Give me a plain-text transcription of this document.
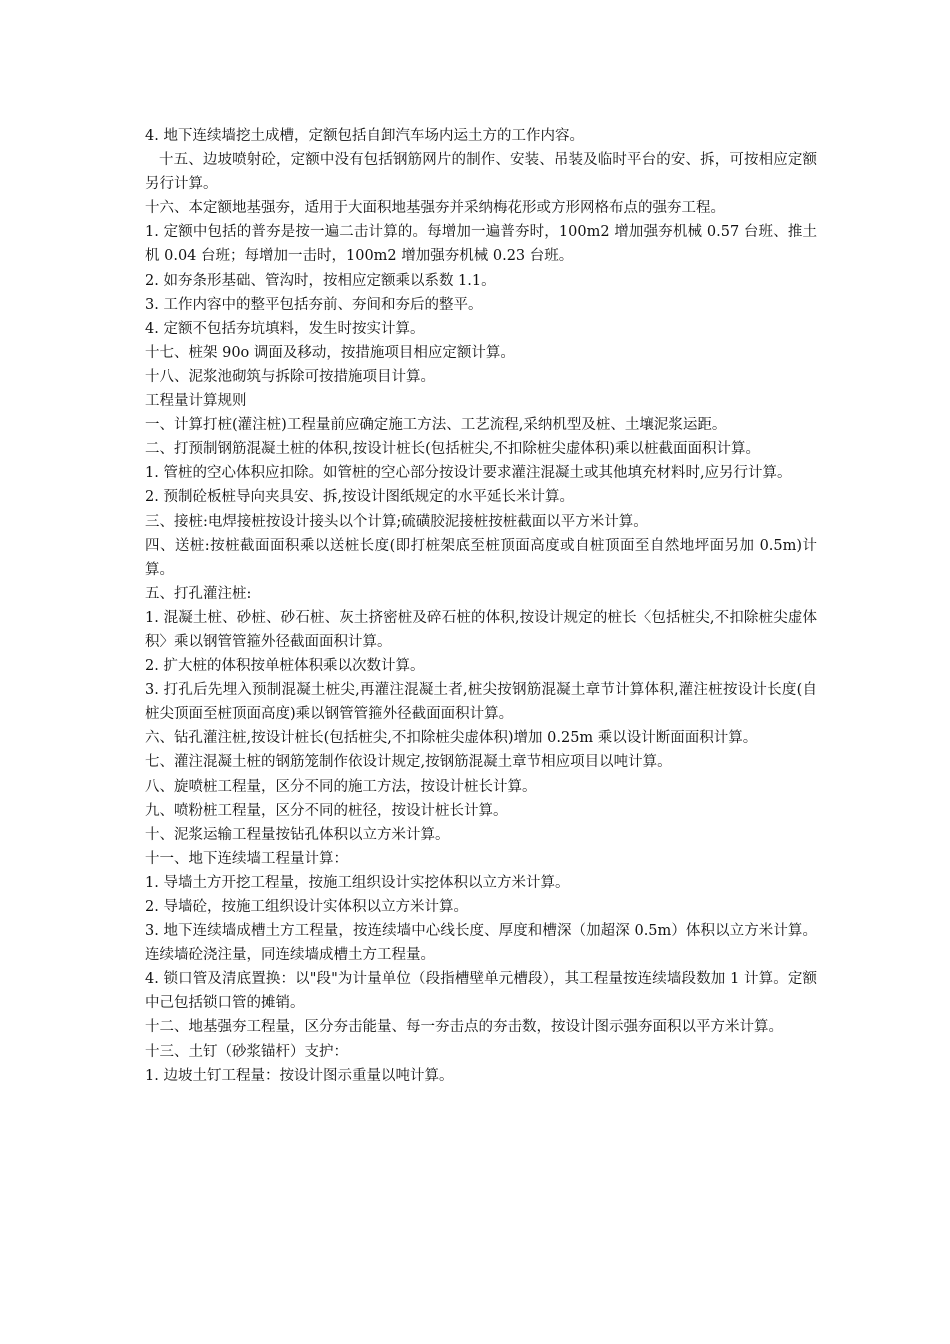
4. 地下连续墙挖土成槽，定额包括自卸汽车场内运土方的工作内容。

十五、边坡喷射砼，定额中没有包括钢筋网片的制作、安装、吊装及临时平台的安、拆，可按相应定额另行计算。

十六、本定额地基强夯，适用于大面积地基强夯并采纳梅花形或方形网格布点的强夯工程。

1. 定额中包括的普夯是按一遍二击计算的。每增加一遍普夯时，100m2 增加强夯机械 0.57 台班、推土机 0.04 台班；每增加一击时，100m2 增加强夯机械 0.23 台班。

2. 如夯条形基础、管沟时，按相应定额乘以系数 1.1。

3. 工作内容中的整平包括夯前、夯间和夯后的整平。

4. 定额不包括夯坑填料，发生时按实计算。

十七、桩架 90o 调面及移动，按措施项目相应定额计算。

十八、泥浆池砌筑与拆除可按措施项目计算。

工程量计算规则

一、计算打桩(灌注桩)工程量前应确定施工方法、工艺流程,采纳机型及桩、土壤泥浆运距。

二、打预制钢筋混凝土桩的体积,按设计桩长(包括桩尖,不扣除桩尖虚体积)乘以桩截面面积计算。

1. 管桩的空心体积应扣除。如管桩的空心部分按设计要求灌注混凝土或其他填充材料时,应另行计算。

2. 预制砼板桩导向夹具安、拆,按设计图纸规定的水平延长米计算。

三、接桩:电焊接桩按设计接头以个计算;硫磺胶泥接桩按桩截面以平方米计算。

四、送桩:按桩截面面积乘以送桩长度(即打桩架底至桩顶面高度或自桩顶面至自然地坪面另加 0.5m)计算。

五、打孔灌注桩:

1. 混凝土桩、砂桩、砂石桩、灰土挤密桩及碎石桩的体积,按设计规定的桩长〈包括桩尖,不扣除桩尖虚体积〉乘以钢管管箍外径截面面积计算。

2. 扩大桩的体积按单桩体积乘以次数计算。

3. 打孔后先埋入预制混凝土桩尖,再灌注混凝土者,桩尖按钢筋混凝土章节计算体积,灌注桩按设计长度(自桩尖顶面至桩顶面高度)乘以钢管管箍外径截面面积计算。

六、钻孔灌注桩,按设计桩长(包括桩尖,不扣除桩尖虚体积)增加 0.25m 乘以设计断面面积计算。

七、灌注混凝土桩的钢筋笼制作依设计规定,按钢筋混凝土章节相应项目以吨计算。

八、旋喷桩工程量，区分不同的施工方法，按设计桩长计算。

九、喷粉桩工程量，区分不同的桩径，按设计桩长计算。

十、泥浆运输工程量按钻孔体积以立方米计算。

十一、地下连续墙工程量计算：

1. 导墙土方开挖工程量，按施工组织设计实挖体积以立方米计算。

2. 导墙砼，按施工组织设计实体积以立方米计算。

3. 地下连续墙成槽土方工程量，按连续墙中心线长度、厚度和槽深（加超深 0.5m）体积以立方米计算。连续墙砼浇注量，同连续墙成槽土方工程量。

4. 锁口管及清底置换：以"段"为计量单位（段指槽壁单元槽段），其工程量按连续墙段数加 1 计算。定额中己包括锁口管的摊销。

十二、地基强夯工程量，区分夯击能量、每一夯击点的夯击数，按设计图示强夯面积以平方米计算。

十三、土钉（砂浆锚杆）支护：

1. 边坡土钉工程量：按设计图示重量以吨计算。
